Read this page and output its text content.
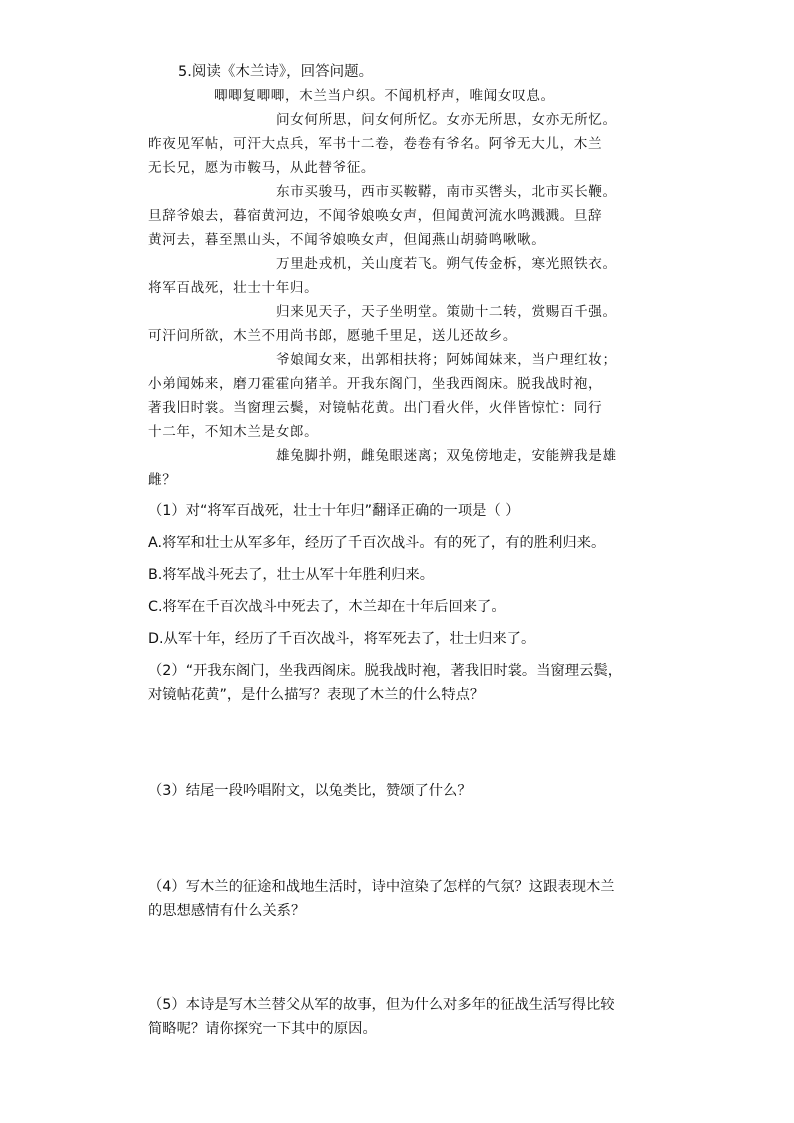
5.阅读《木兰诗》，回答问题。
唧唧复唧唧，木兰当户织。不闻机杼声，唯闻女叹息。
问女何所思，问女何所忆。女亦无所思，女亦无所忆。
昨夜见军帖，可汗大点兵，军书十二卷，卷卷有爷名。阿爷无大儿，木兰
无长兄，愿为市鞍马，从此替爷征。
东市买骏马，西市买鞍鞯，南市买辔头，北市买长鞭。
旦辞爷娘去，暮宿黄河边，不闻爷娘唤女声，但闻黄河流水鸣溅溅。旦辞
黄河去，暮至黑山头，不闻爷娘唤女声，但闻燕山胡骑鸣啾啾。
万里赴戎机，关山度若飞。朔气传金柝，寒光照铁衣。
将军百战死，壮士十年归。
归来见天子，天子坐明堂。策勋十二转，赏赐百千强。
可汗问所欲，木兰不用尚书郎，愿驰千里足，送儿还故乡。
爷娘闻女来，出郭相扶将；阿姊闻妹来，当户理红妆；
小弟闻姊来，磨刀霍霍向猪羊。开我东阁门，坐我西阁床。脱我战时袍，
著我旧时裳。当窗理云鬓，对镜帖花黄。出门看火伴，火伴皆惊忙：同行
十二年，不知木兰是女郎。
雄兔脚扑朔，雌兔眼迷离；双兔傍地走，安能辨我是雄
雌？
（1）对“将军百战死，壮士十年归”翻译正确的一项是（ ）
A.将军和壮士从军多年，经历了千百次战斗。有的死了，有的胜利归来。
B.将军战斗死去了，壮士从军十年胜利归来。
C.将军在千百次战斗中死去了，木兰却在十年后回来了。
D.从军十年，经历了千百次战斗，将军死去了，壮士归来了。
（2）“开我东阁门，坐我西阁床。脱我战时袍，著我旧时裳。当窗理云鬓，
对镜帖花黄”，是什么描写？表现了木兰的什么特点？
（3）结尾一段吟唱附文，以兔类比，赞颂了什么？
（4）写木兰的征途和战地生活时，诗中渲染了怎样的气氛？这跟表现木兰
的思想感情有什么关系？
（5）本诗是写木兰替父从军的故事，但为什么对多年的征战生活写得比较
简略呢？请你探究一下其中的原因。
